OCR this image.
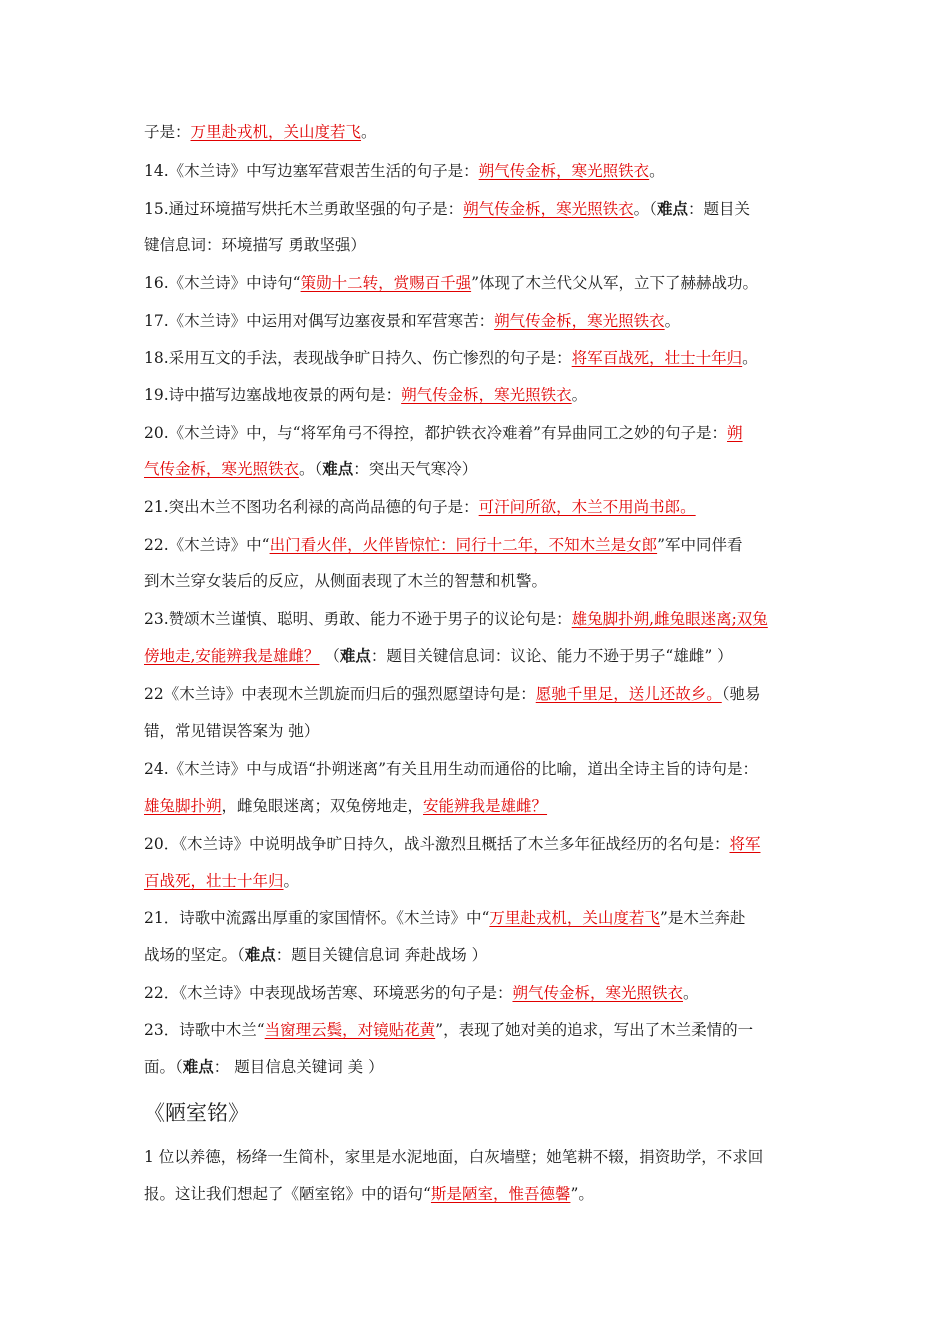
子是：万里赴戎机，关山度若飞。
14.《木兰诗》中写边塞军营艰苦生活的句子是：朔气传金柝，寒光照铁衣。
15.通过环境描写烘托木兰勇敢坚强的句子是：朔气传金柝，寒光照铁衣。（难点：题目关
键信息词：环境描写 勇敢坚强）
16.《木兰诗》中诗句“策勋十二转，赏赐百千强”体现了木兰代父从军，立下了赫赫战功。
17.《木兰诗》中运用对偶写边塞夜景和军营寒苦：朔气传金柝，寒光照铁衣。
18.采用互文的手法，表现战争旷日持久、伤亡惨烈的句子是：将军百战死，壮士十年归。
19.诗中描写边塞战地夜景的两句是：朔气传金柝，寒光照铁衣。
20.《木兰诗》中，与“将军角弓不得控，都护铁衣冷难着”有异曲同工之妙的句子是：朔
气传金柝，寒光照铁衣。（难点：突出天气寒冷）
21.突出木兰不图功名利禄的高尚品德的句子是：可汗问所欲，木兰不用尚书郎。
22.《木兰诗》中“出门看火伴，火伴皆惊忙：同行十二年，不知木兰是女郎”军中同伴看
到木兰穿女装后的反应，从侧面表现了木兰的智慧和机警。
23.赞颂木兰谨慎、聪明、勇敢、能力不逊于男子的议论句是：雄兔脚扑朔,雌兔眼迷离;双兔
傍地走,安能辨我是雄雌？ （难点：题目关键信息词：议论、能力不逊于男子“雄雌” ）
22《木兰诗》中表现木兰凯旋而归后的强烈愿望诗句是：愿驰千里足，送儿还故乡。（驰易
错，常见错误答案为 弛）
24.《木兰诗》中与成语“扑朔迷离”有关且用生动而通俗的比喻，道出全诗主旨的诗句是：
雄兔脚扑朔，雌兔眼迷离；双兔傍地走，安能辨我是雄雌？
20．《木兰诗》中说明战争旷日持久，战斗激烈且概括了木兰多年征战经历的名句是：将军
百战死，壮士十年归。
21．诗歌中流露出厚重的家国情怀。《木兰诗》中“万里赴戎机，关山度若飞”是木兰奔赴
战场的坚定。（难点：题目关键信息词 奔赴战场 ）
22．《木兰诗》中表现战场苦寒、环境恶劣的句子是：朔气传金柝，寒光照铁衣。
23．诗歌中木兰“当窗理云鬓，对镜贴花黄”，表现了她对美的追求，写出了木兰柔情的一
面。（难点： 题目信息关键词 美 ）
《陋室铭》
1 位以养德，杨绛一生简朴，家里是水泥地面，白灰墙壁；她笔耕不辍，捐资助学，不求回
报。这让我们想起了《陋室铭》中的语句“斯是陋室，惟吾德馨”。
